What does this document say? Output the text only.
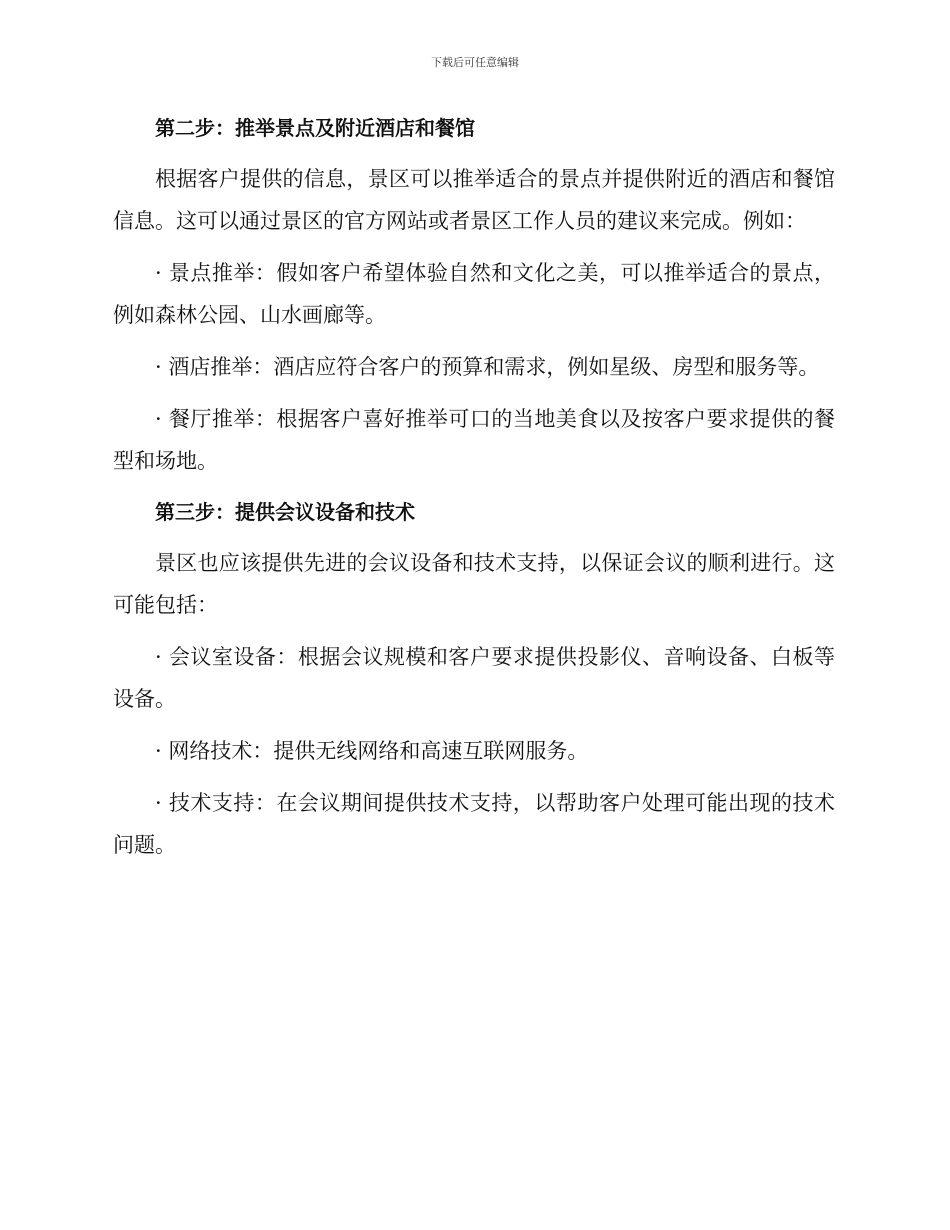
下载后可任意编辑
第二步：推举景点及附近酒店和餐馆

根据客户提供的信息，景区可以推举适合的景点并提供附近的酒店和餐馆信息。这可以通过景区的官方网站或者景区工作人员的建议来完成。例如：

· 景点推举：假如客户希望体验自然和文化之美，可以推举适合的景点，例如森林公园、山水画廊等。

· 酒店推举：酒店应符合客户的预算和需求，例如星级、房型和服务等。

· 餐厅推举：根据客户喜好推举可口的当地美食以及按客户要求提供的餐型和场地。

第三步：提供会议设备和技术

景区也应该提供先进的会议设备和技术支持，以保证会议的顺利进行。这可能包括：

· 会议室设备：根据会议规模和客户要求提供投影仪、音响设备、白板等设备。

· 网络技术：提供无线网络和高速互联网服务。

· 技术支持：在会议期间提供技术支持，以帮助客户处理可能出现的技术问题。
